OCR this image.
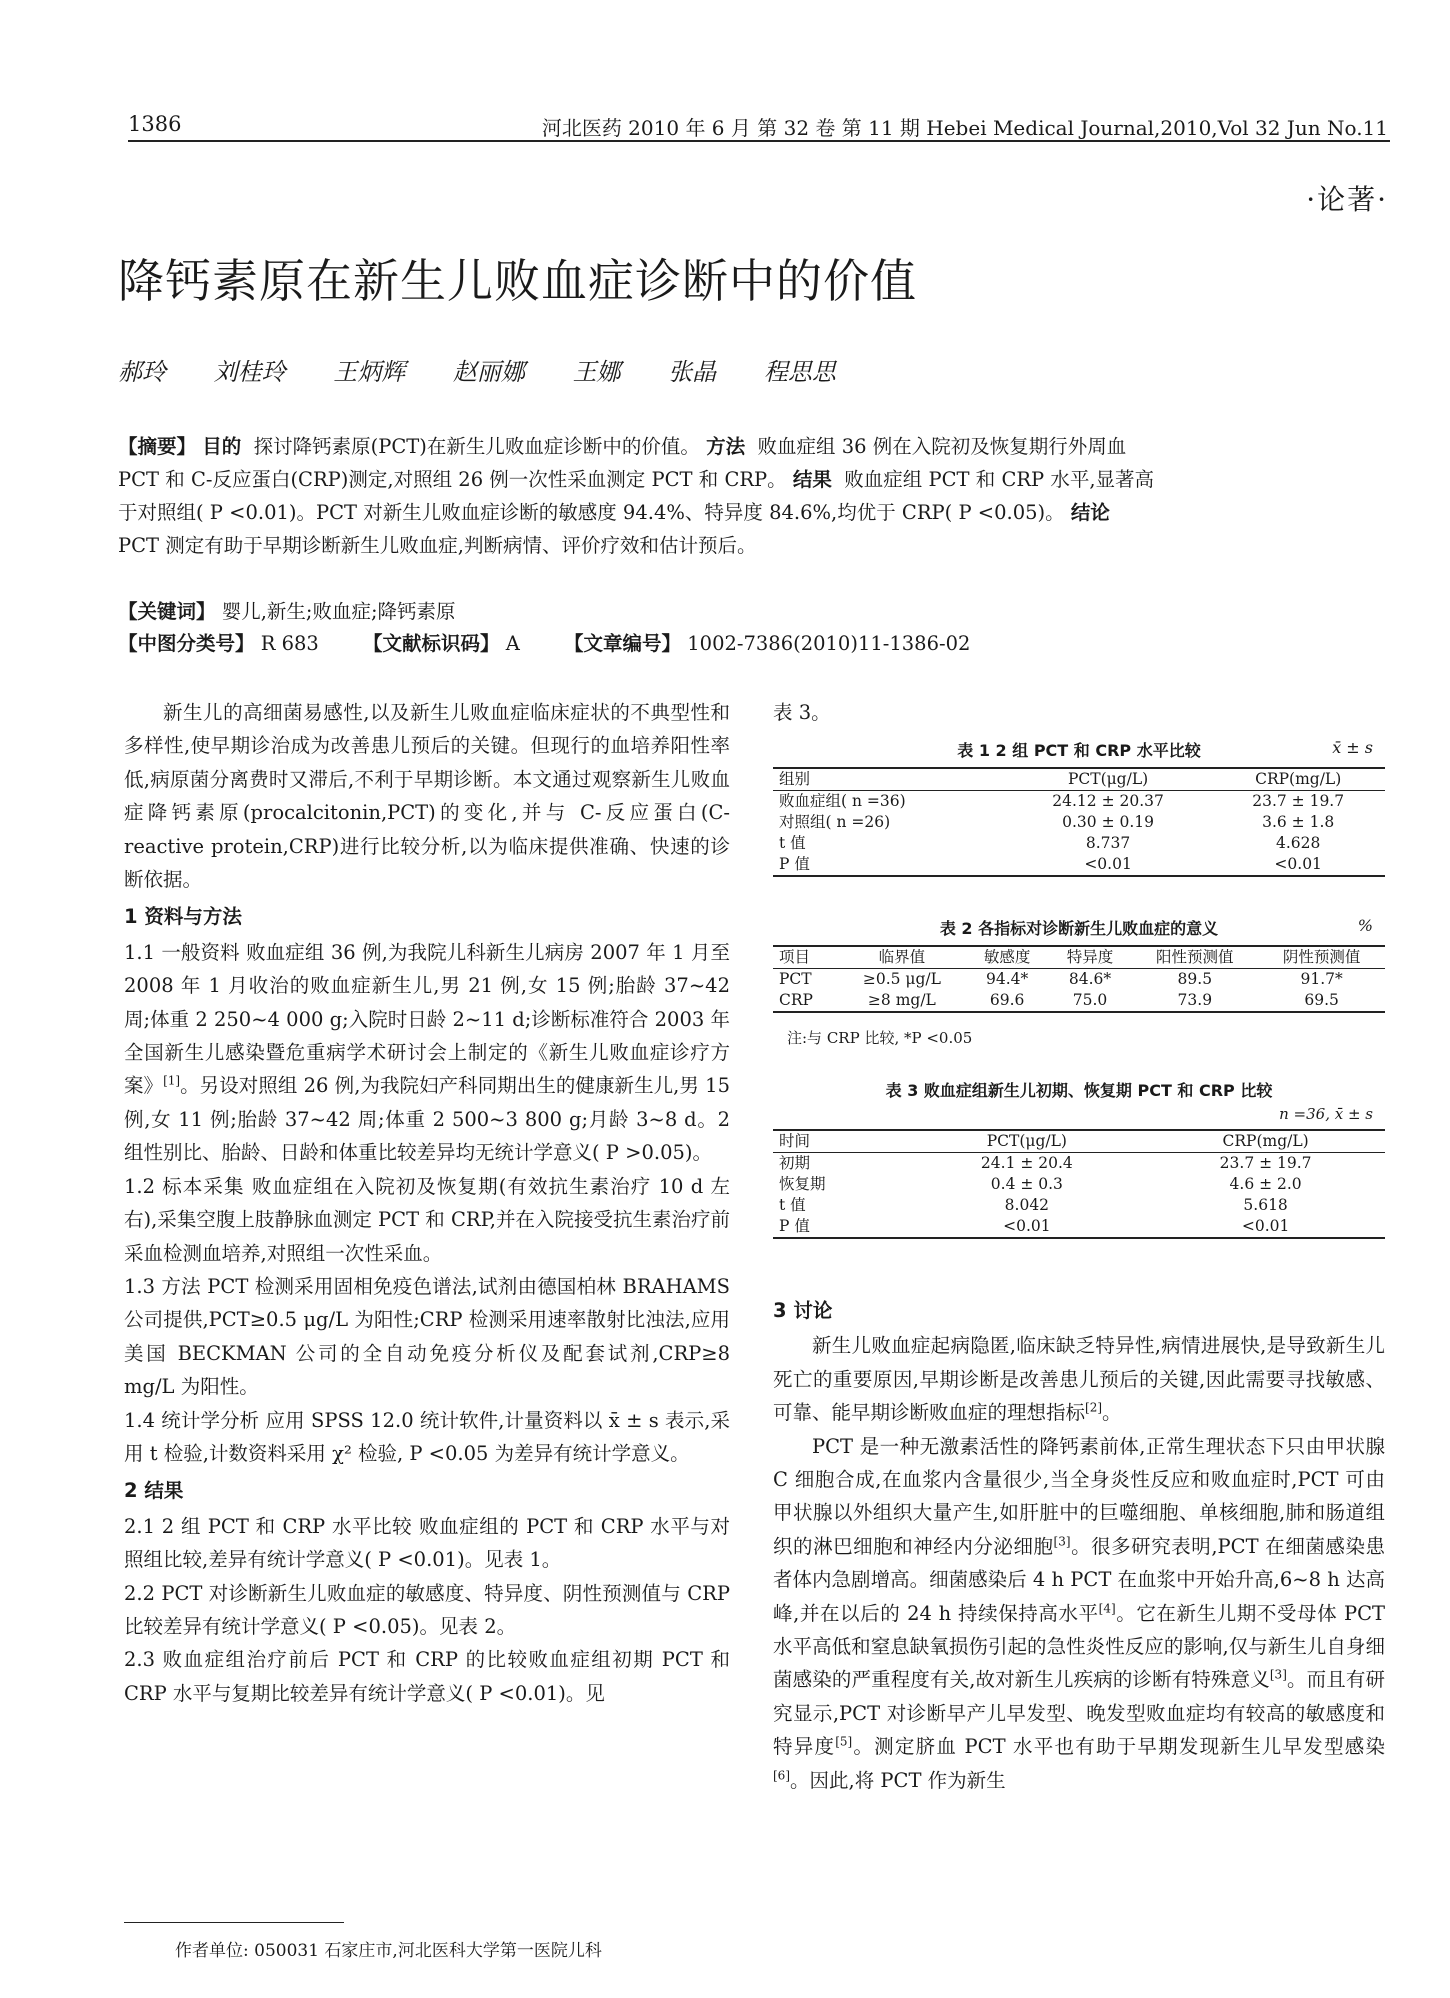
1386	河北医药 2010 年 6 月 第 32 卷 第 11 期 Hebei Medical Journal,2010,Vol 32 Jun No.11
·论著·
降钙素原在新生儿败血症诊断中的价值
郝玲 刘桂玲 王炳辉 赵丽娜 王娜 张晶 程思思
【摘要】 目的 探讨降钙素原(PCT)在新生儿败血症诊断中的价值。 方法 败血症组 36 例在入院初及恢复期行外周血 PCT 和 C-反应蛋白(CRP)测定,对照组 26 例一次性采血测定 PCT 和 CRP。 结果 败血症组 PCT 和 CRP 水平,显著高于对照组( P <0.01)。PCT 对新生儿败血症诊断的敏感度 94.4%、特异度 84.6%,均优于 CRP( P <0.05)。 结论  PCT 测定有助于早期诊断新生儿败血症,判断病情、评价疗效和估计预后。
【关键词】 婴儿,新生;败血症;降钙素原
【中图分类号】 R 683 【文献标识码】 A 【文章编号】 1002-7386(2010)11-1386-02

新生儿的高细菌易感性,以及新生儿败血症临床症状的不典型性和多样性,使早期诊治成为改善患儿预后的关键。但现行的血培养阳性率低,病原菌分离费时又滞后,不利于早期诊断。本文通过观察新生儿败血症降钙素原(procalcitonin,PCT)的变化,并与 C-反应蛋白(C-reactive protein,CRP)进行比较分析,以为临床提供准确、快速的诊断依据。

1 资料与方法

1.1 一般资料 败血症组 36 例,为我院儿科新生儿病房 2007 年 1 月至 2008 年 1 月收治的败血症新生儿,男 21 例,女 15 例;胎龄 37~42 周;体重 2 250~4 000 g;入院时日龄 2~11 d;诊断标准符合 2003 年全国新生儿感染暨危重病学术研讨会上制定的《新生儿败血症诊疗方案》[1]。另设对照组 26 例,为我院妇产科同期出生的健康新生儿,男 15 例,女 11 例;胎龄 37~42 周;体重 2 500~3 800 g;月龄 3~8 d。2 组性别比、胎龄、日龄和体重比较差异均无统计学意义( P >0.05)。

1.2 标本采集 败血症组在入院初及恢复期(有效抗生素治疗 10 d 左右),采集空腹上肢静脉血测定 PCT 和 CRP,并在入院接受抗生素治疗前采血检测血培养,对照组一次性采血。

1.3 方法 PCT 检测采用固相免疫色谱法,试剂由德国柏林 BRAHAMS 公司提供,PCT≥0.5 μg/L 为阳性;CRP 检测采用速率散射比浊法,应用美国 BECKMAN 公司的全自动免疫分析仪及配套试剂,CRP≥8 mg/L 为阳性。

1.4 统计学分析 应用 SPSS 12.0 统计软件,计量资料以 x̄ ± s 表示,采用 t 检验,计数资料采用 χ² 检验, P <0.05 为差异有统计学意义。

2 结果

2.1 2 组 PCT 和 CRP 水平比较 败血症组的 PCT 和 CRP 水平与对照组比较,差异有统计学意义( P <0.01)。见表 1。

2.2 PCT 对诊断新生儿败血症的敏感度、特异度、阴性预测值与 CRP 比较差异有统计学意义( P <0.05)。见表 2。

2.3 败血症组治疗前后 PCT 和 CRP 的比较败血症组初期 PCT 和 CRP 水平与复期比较差异有统计学意义( P <0.01)。见

表 3。

表 1 2 组 PCT 和 CRP 水平比较	x̄ ± s
组别	PCT(μg/L)	CRP(mg/L)
败血症组( n =36)	24.12 ± 20.37	23.7 ± 19.7
对照组( n =26)	0.30 ± 0.19	3.6 ± 1.8
t 值	8.737	4.628
P 值	<0.01	<0.01
表 2 各指标对诊断新生儿败血症的意义	%
项目	临界值	敏感度	特异度	阳性预测值	阴性预测值
PCT	≥0.5 μg/L	94.4*	84.6*	89.5	91.7*
CRP	≥8 mg/L	69.6	75.0	73.9	69.5
注:与 CRP 比较, *P <0.05
表 3 败血症组新生儿初期、恢复期 PCT 和 CRP 比较
n =36, x̄ ± s
时间	PCT(μg/L)	CRP(mg/L)
初期	24.1 ± 20.4	23.7 ± 19.7
恢复期	0.4 ± 0.3	4.6 ± 2.0
t 值	8.042	5.618
P 值	<0.01	<0.01
3 讨论

新生儿败血症起病隐匿,临床缺乏特异性,病情进展快,是导致新生儿死亡的重要原因,早期诊断是改善患儿预后的关键,因此需要寻找敏感、可靠、能早期诊断败血症的理想指标[2]。

PCT 是一种无激素活性的降钙素前体,正常生理状态下只由甲状腺 C 细胞合成,在血浆内含量很少,当全身炎性反应和败血症时,PCT 可由甲状腺以外组织大量产生,如肝脏中的巨噬细胞、单核细胞,肺和肠道组织的淋巴细胞和神经内分泌细胞[3]。很多研究表明,PCT 在细菌感染患者体内急剧增高。细菌感染后 4 h PCT 在血浆中开始升高,6~8 h 达高峰,并在以后的 24 h 持续保持高水平[4]。它在新生儿期不受母体 PCT 水平高低和窒息缺氧损伤引起的急性炎性反应的影响,仅与新生儿自身细菌感染的严重程度有关,故对新生儿疾病的诊断有特殊意义[3]。而且有研究显示,PCT 对诊断早产儿早发型、晚发型败血症均有较高的敏感度和特异度[5]。测定脐血 PCT 水平也有助于早期发现新生儿早发型感染[6]。因此,将 PCT 作为新生

作者单位: 050031 石家庄市,河北医科大学第一医院儿科
